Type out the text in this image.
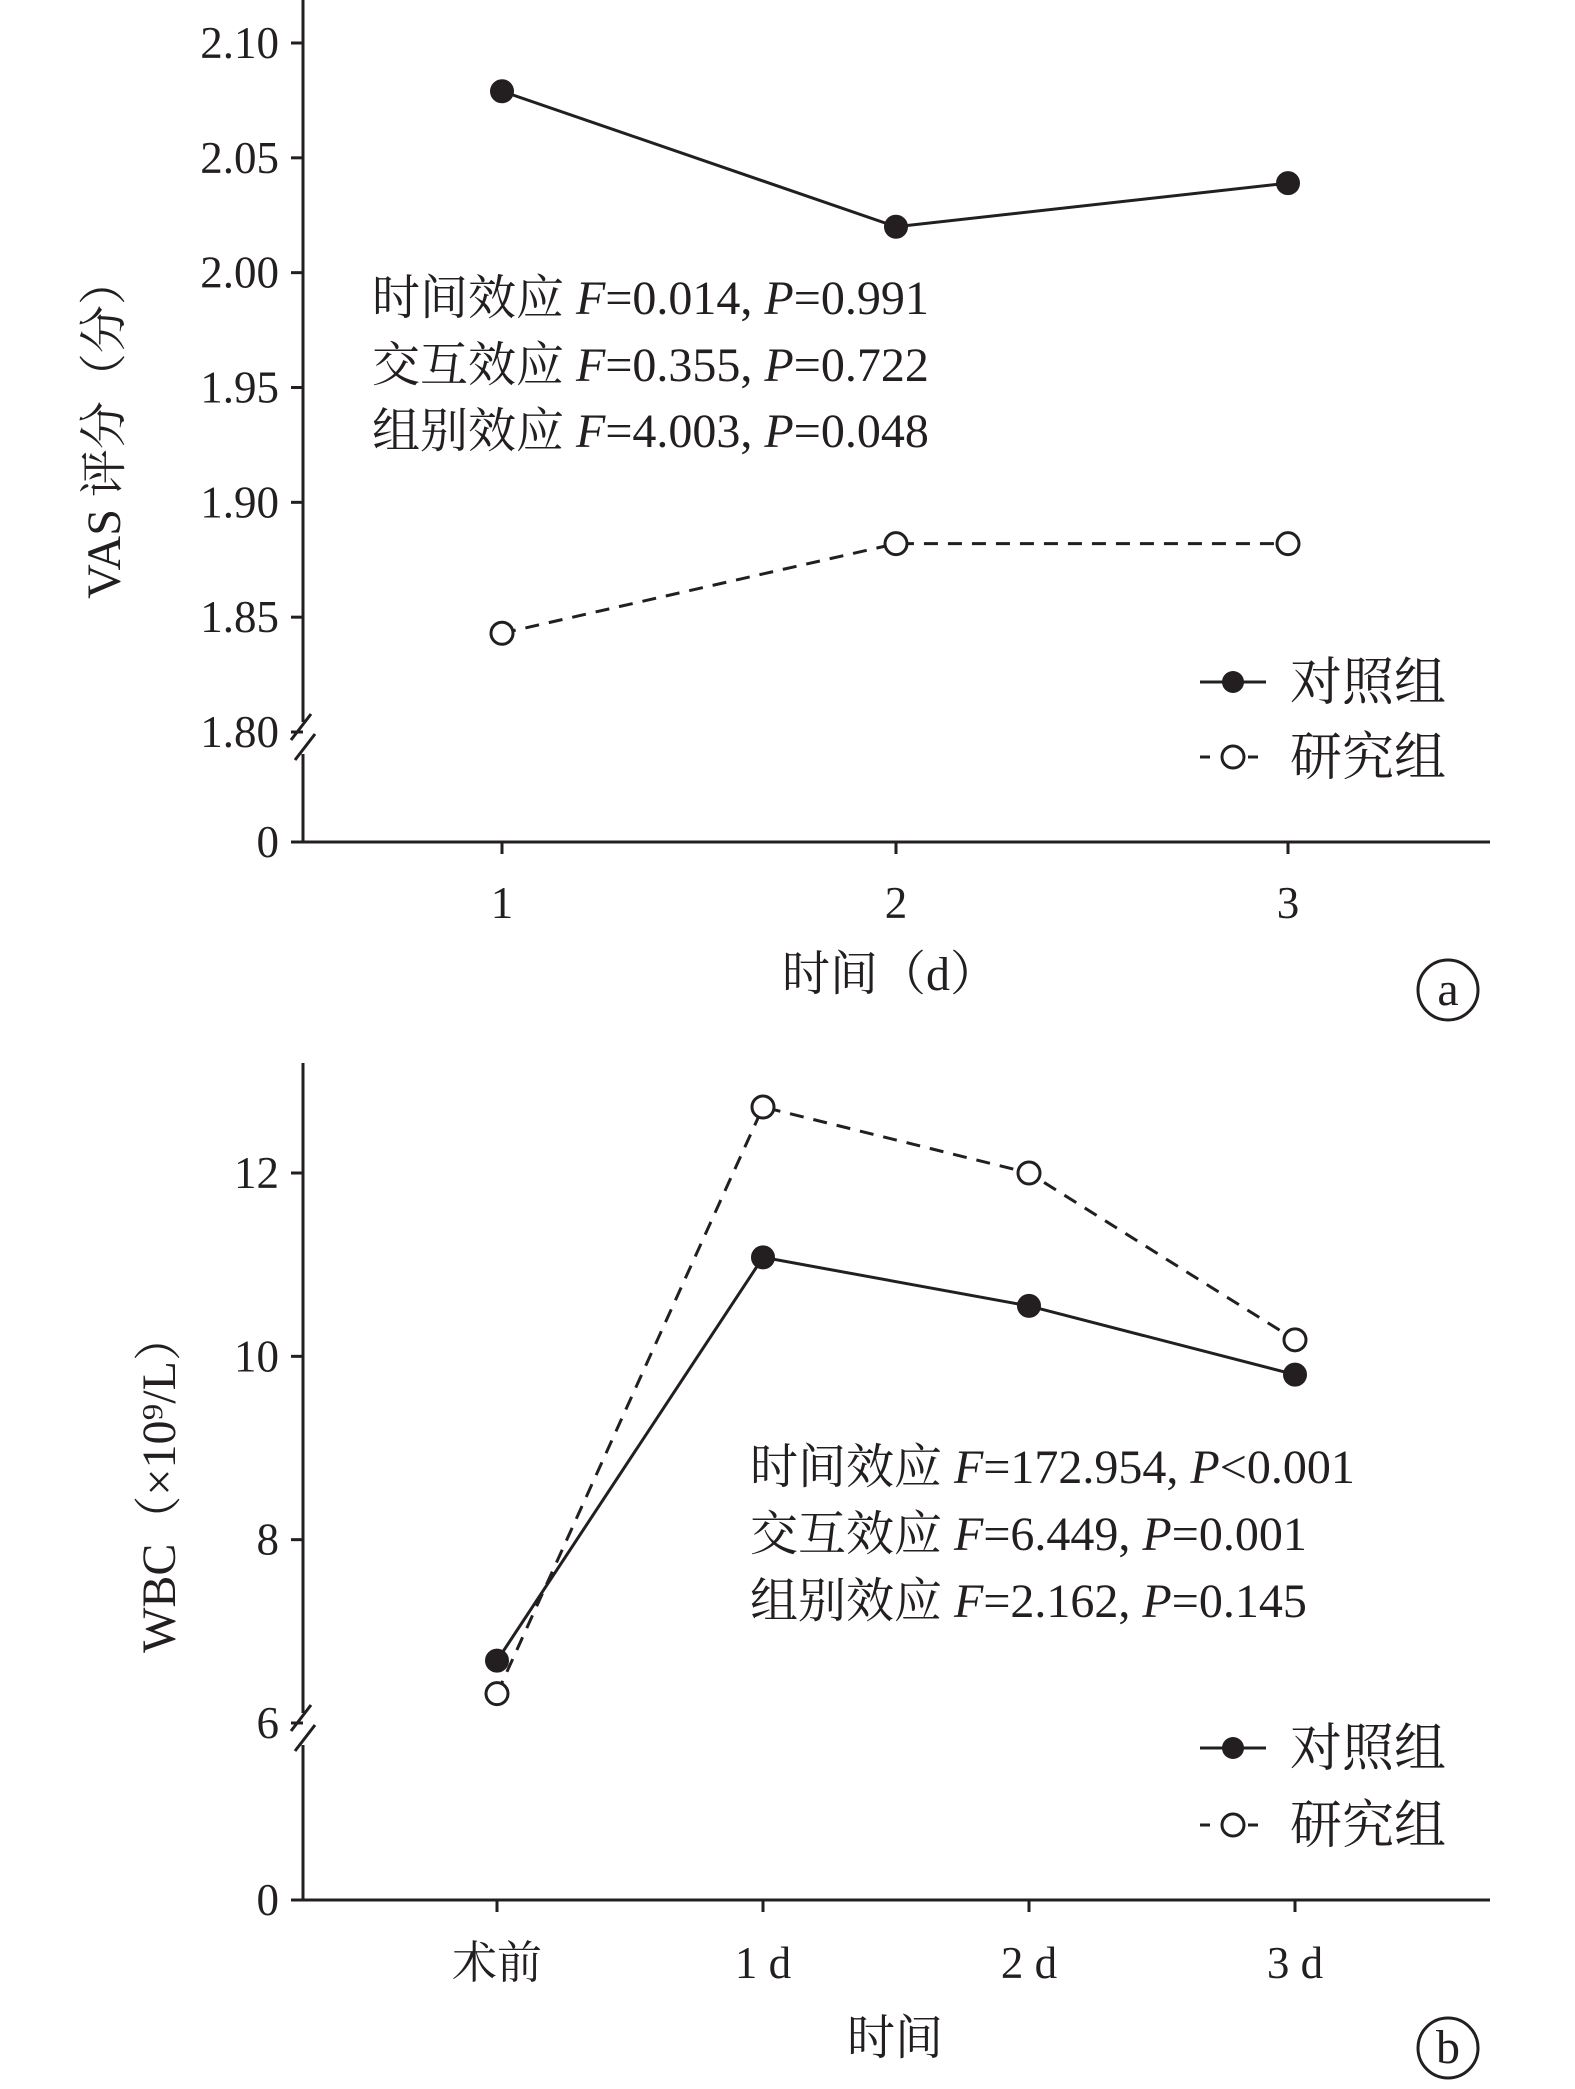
0
1.80
1.85
1.90
1.95
2.00
2.05
2.10
1	2	3
时间（d）
VAS 评分（分）	时间效应 F=0.014, P=0.991
交互效应 F=0.355, P=0.722
组别效应 F=4.003, P=0.048
对照组
研究组
a
0
6
8
10
12
术前	1 d	2 d	3 d
时间
WBC（×10⁹/L）	时间效应 F=172.954, P<0.001
交互效应 F=6.449, P=0.001
组别效应 F=2.162, P=0.145
对照组
研究组
b
